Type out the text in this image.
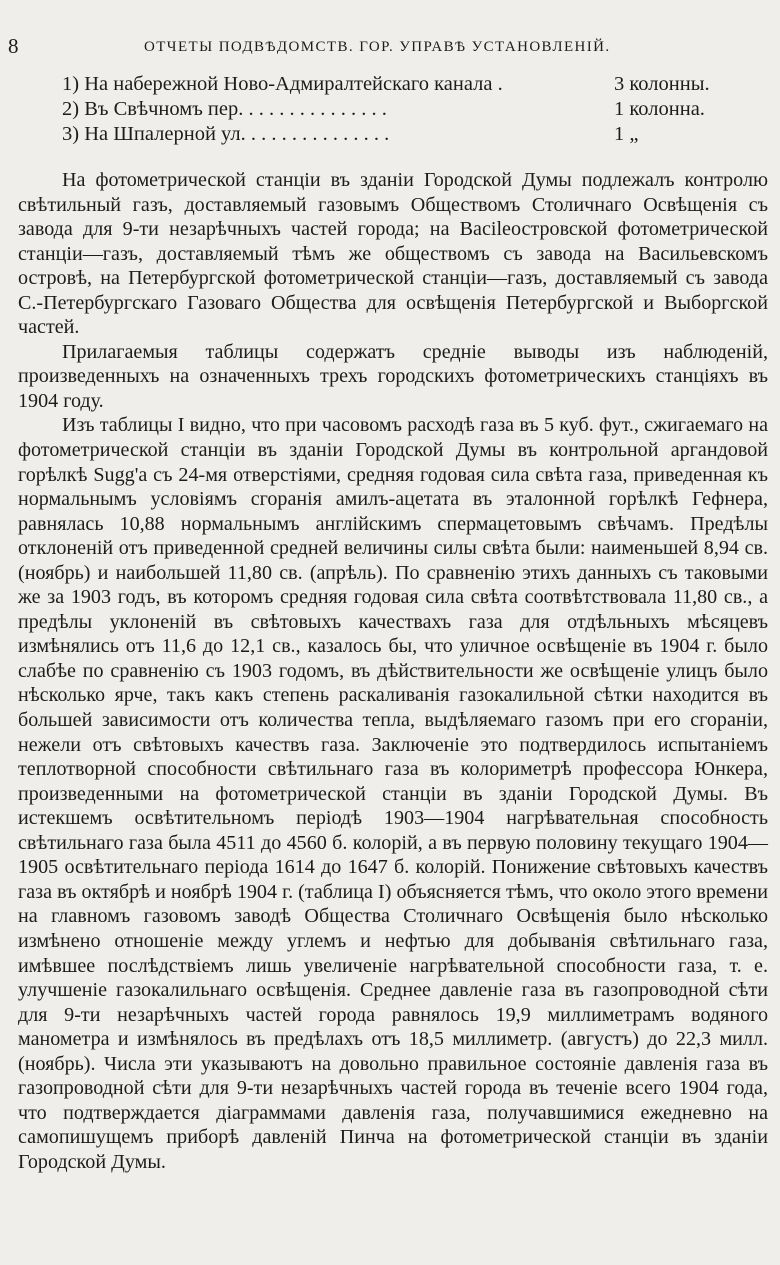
8	ОТЧЕТЫ ПОДВѢДОМСТВ. ГОР. УПРАВѢ УСТАНОВЛЕНІЙ.
1) На набережной Ново-Адмиралтейскаго канала .	3 колонны.
2) Въ Свѣчномъ пер. . . . . . . . . . . . . . .	1 колонна.
3) На Шпалерной ул. . . . . . . . . . . . . . .	1 „

На фотометрической станціи въ зданіи Городской Думы подлежалъ контролю свѣтильный газъ, доставляемый газовымъ Обществомъ Столичнаго Освѣщенія съ завода для 9-ти незарѣчныхъ частей города; на Васileостровской фотометрической станціи—газъ, доставляемый тѣмъ же обществомъ съ завода на Васильевскомъ островѣ, на Петербургской фотометрической станціи—газъ, доставляемый съ завода С.-Петербургскаго Газоваго Общества для освѣщенія Петербургской и Выборгской частей.

Прилагаемыя таблицы содержатъ средніе выводы изъ наблюденій, произведенныхъ на означенныхъ трехъ городскихъ фотометрическихъ станціяхъ въ 1904 году.

Изъ таблицы I видно, что при часовомъ расходѣ газа въ 5 куб. фут., сжигаемаго на фотометрической станціи въ зданіи Городской Думы въ контрольной аргандовой горѣлкѣ Sugg'а съ 24-мя отверстіями, средняя годовая сила свѣта газа, приведенная къ нормальнымъ условіямъ сгоранія амилъ-ацетата въ эталонной горѣлкѣ Гефнера, равнялась 10,88 нормальнымъ англійскимъ спермацетовымъ свѣчамъ. Предѣлы отклоненій отъ приведенной средней величины силы свѣта были: наименьшей 8,94 св. (ноябрь) и наибольшей 11,80 св. (апрѣль). По сравненію этихъ данныхъ съ таковыми же за 1903 годъ, въ которомъ средняя годовая сила свѣта соотвѣтствовала 11,80 св., а предѣлы уклоненій въ свѣтовыхъ качествахъ газа для отдѣльныхъ мѣсяцевъ измѣнялись отъ 11,6 до 12,1 св., казалось бы, что уличное освѣщеніе въ 1904 г. было слабѣе по сравненію съ 1903 годомъ, въ дѣйствительности же освѣщеніе улицъ было нѣсколько ярче, такъ какъ степень раскаливанія газокалильной сѣтки находится въ большей зависимости отъ количества тепла, выдѣляемаго газомъ при его сгораніи, нежели отъ свѣтовыхъ качествъ газа. Заключеніе это подтвердилось испытаніемъ теплотворной способности свѣтильнаго газа въ колориметрѣ профессора Юнкера, произведенными на фотометрической станціи въ зданіи Городской Думы. Въ истекшемъ освѣтительномъ періодѣ 1903—1904 нагрѣвательная способность свѣтильнаго газа была 4511 до 4560 б. колорій, а въ первую половину текущаго 1904—1905 освѣтительнаго періода 1614 до 1647 б. колорій. Понижение свѣтовыхъ качествъ газа въ октябрѣ и ноябрѣ 1904 г. (таблица I) объясняется тѣмъ, что около этого времени на главномъ газовомъ заводѣ Общества Столичнаго Освѣщенія было нѣсколько измѣнено отношеніе между углемъ и нефтью для добыванія свѣтильнаго газа, имѣвшее послѣдствіемъ лишь увеличеніе нагрѣвательной способности газа, т. е. улучшеніе газокалильнаго освѣщенія. Среднее давленіе газа въ газопроводной сѣти для 9-ти незарѣчныхъ частей города равнялось 19,9 миллиметрамъ водяного манометра и измѣнялось въ предѣлахъ отъ 18,5 миллиметр. (августъ) до 22,3 милл. (ноябрь). Числа эти указываютъ на довольно правильное состояніе давленія газа въ газопроводной сѣти для 9-ти незарѣчныхъ частей города въ теченіе всего 1904 года, что подтверждается діаграммами давленія газа, получавшимися ежедневно на самопишущемъ приборѣ давленій Пинча на фотометрической станціи въ зданіи Городской Думы.
